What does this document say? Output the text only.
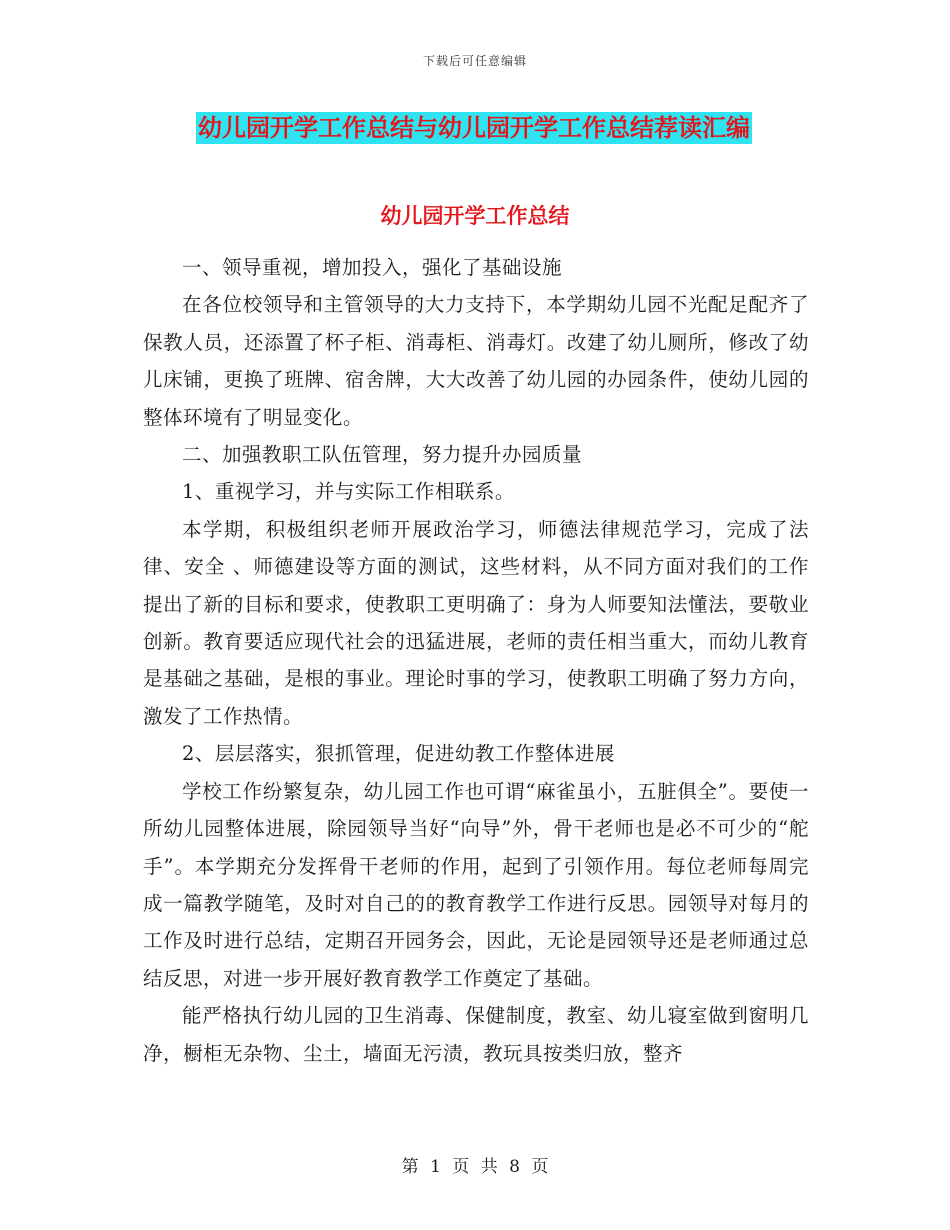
下载后可任意编辑
幼儿园开学工作总结与幼儿园开学工作总结荐读汇编
幼儿园开学工作总结

一、领导重视，增加投入，强化了基础设施

在各位校领导和主管领导的大力支持下，本学期幼儿园不光配足配齐了保教人员，还添置了杯子柜、消毒柜、消毒灯。改建了幼儿厕所，修改了幼儿床铺，更换了班牌、宿舍牌，大大改善了幼儿园的办园条件，使幼儿园的整体环境有了明显变化。

二、加强教职工队伍管理，努力提升办园质量

1、重视学习，并与实际工作相联系。

本学期，积极组织老师开展政治学习，师德法律规范学习，完成了法律、安全 、师德建设等方面的测试，这些材料，从不同方面对我们的工作提出了新的目标和要求，使教职工更明确了：身为人师要知法懂法，要敬业创新。教育要适应现代社会的迅猛进展，老师的责任相当重大，而幼儿教育是基础之基础，是根的事业。理论时事的学习，使教职工明确了努力方向，激发了工作热情。

2、层层落实，狠抓管理，促进幼教工作整体进展

学校工作纷繁复杂，幼儿园工作也可谓“麻雀虽小，五脏俱全”。要使一所幼儿园整体进展，除园领导当好“向导”外，骨干老师也是必不可少的“舵手”。本学期充分发挥骨干老师的作用，起到了引领作用。每位老师每周完成一篇教学随笔，及时对自己的的教育教学工作进行反思。园领导对每月的工作及时进行总结，定期召开园务会，因此，无论是园领导还是老师通过总结反思，对进一步开展好教育教学工作奠定了基础。

能严格执行幼儿园的卫生消毒、保健制度，教室、幼儿寝室做到窗明几净，橱柜无杂物、尘土，墙面无污渍，教玩具按类归放，整齐

第 1 页 共 8 页
